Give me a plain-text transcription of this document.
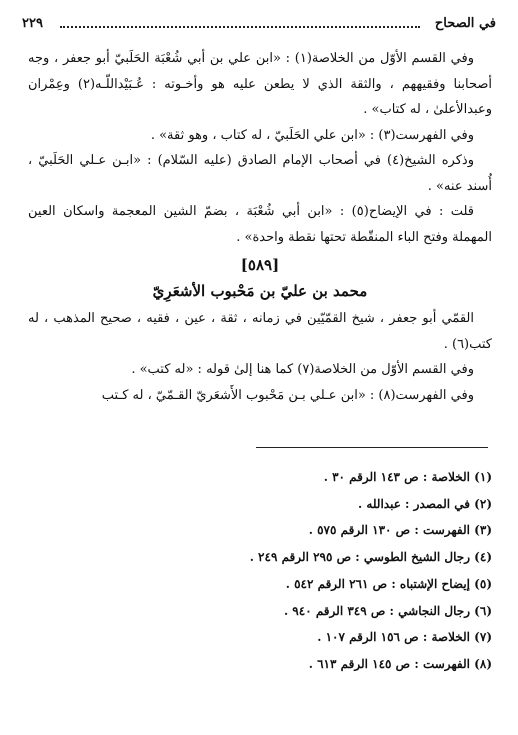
في الصحاح
٢٢٩

وفي القسم الأوّل من الخلاصة(١) : «ابن علي بن أبي شُعْبَة الحَلَبيّ أبو جعفر ، وجه أصحابنا وفقيههم ، والثقة الذي لا يطعن عليه هو وأخـوته : عُـبَيْداللّـه(٢) وعِمْران وعبدالأعلىٰ ، له كتاب» .

وفي الفهرست(٣) : «ابن علي الحَلَبيّ ، له كتاب ، وهو ثقة» .

وذكره الشيخ(٤) في أصحاب الإمام الصادق (عليه السّلام) : «ابـن عـلي الحَلَبيّ ، أُسند عنه» .

قلت : في الإيضاح(٥) : «ابن أبي شُعْبَة ، بضمّ الشين المعجمة واسكان العين المهملة وفتح الباء المنقّطة تحتها نقطة واحدة» .

[٥٨٩]
محمد بن عليّ بن مَحْبوب الأشعَرِيّ

القمّي أبو جعفر ، شيخ القمّيّين في زمانه ، ثقة ، عين ، فقيه ، صحيح المذهب ، له كتب(٦) .

وفي القسم الأوّل من الخلاصة(٧) كما هنا إلىٰ قوله : «له كتب» .

وفي الفهرست(٨) : «ابن عـلي بـن مَحْبوب الأَشعَريّ القـمّيّ ، له كـتب

(١) الخلاصة : ص ١٤٣ الرقم ٣٠ .
(٢) في المصدر : عبدالله .
(٣) الفهرست : ص ١٣٠ الرقم ٥٧٥ .
(٤) رجال الشيخ الطوسي : ص ٢٩٥ الرقم ٢٤٩ .
(٥) إيضاح الإشتباه : ص ٢٦١ الرقم ٥٤٢ .
(٦) رجال النجاشي : ص ٣٤٩ الرقم ٩٤٠ .
(٧) الخلاصة : ص ١٥٦ الرقم ١٠٧ .
(٨) الفهرست : ص ١٤٥ الرقم ٦١٣ .
